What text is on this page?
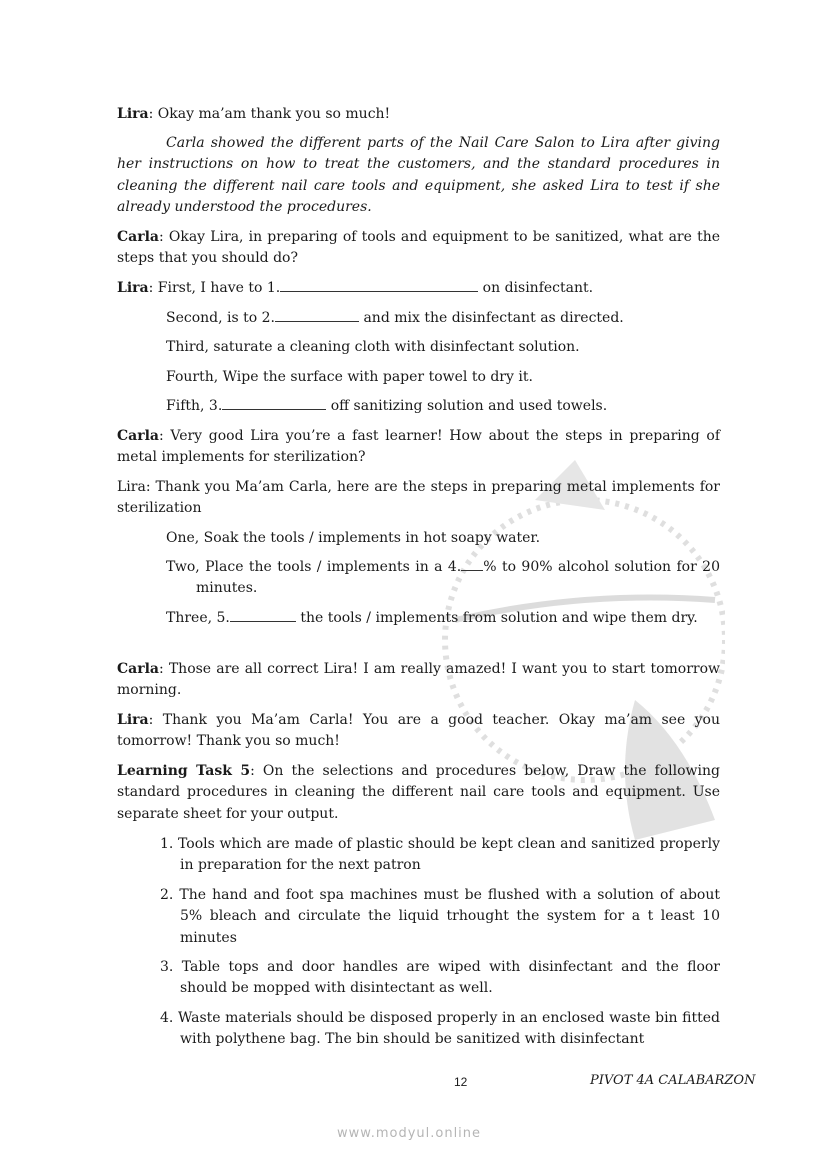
Lira: Okay ma’am thank you so much!
Carla showed the different parts of the Nail Care Salon to Lira after giving her instructions on how to treat the customers, and the standard procedures in cleaning the different nail care tools and equipment, she asked Lira to test if she already understood the procedures.
Carla: Okay Lira, in preparing of tools and equipment to be sanitized, what are the steps that you should do?
Lira: First, I have to 1.	on disinfectant.
Second, is to 2.	and mix the disinfectant as directed.
Third, saturate a cleaning cloth with disinfectant solution.
Fourth, Wipe the surface with paper towel to dry it.
Fifth, 3.	off sanitizing solution and used towels.
Carla: Very good Lira you’re a fast learner! How about the steps in preparing of metal implements for sterilization?
Lira: Thank you Ma’am Carla, here are the steps in preparing metal implements for sterilization
One, Soak the tools / implements in hot soapy water.
Two, Place the tools / implements in a 4. % to 90% alcohol solution for 20 minutes.
Three, 5.	the tools / implements from solution and wipe them dry.
Carla: Those are all correct Lira! I am really amazed! I want you to start tomorrow morning.
Lira: Thank you Ma’am Carla! You are a good teacher. Okay ma’am see you tomorrow! Thank you so much!
Learning Task 5: On the selections and procedures below, Draw the following standard procedures in cleaning the different nail care tools and equipment. Use separate sheet for your output.
1. Tools which are made of plastic should be kept clean and sanitized properly in preparation for the next patron
2. The hand and foot spa machines must be flushed with a solution of about 5% bleach and circulate the liquid trhought the system for a t least 10 minutes
3. Table tops and door handles are wiped with disinfectant and the floor should be mopped with disintectant as well.
4. Waste materials should be disposed properly in an enclosed waste bin fitted with polythene bag. The bin should be sanitized with disinfectant
12	PIVOT 4A CALABARZON
www.modyul.online
